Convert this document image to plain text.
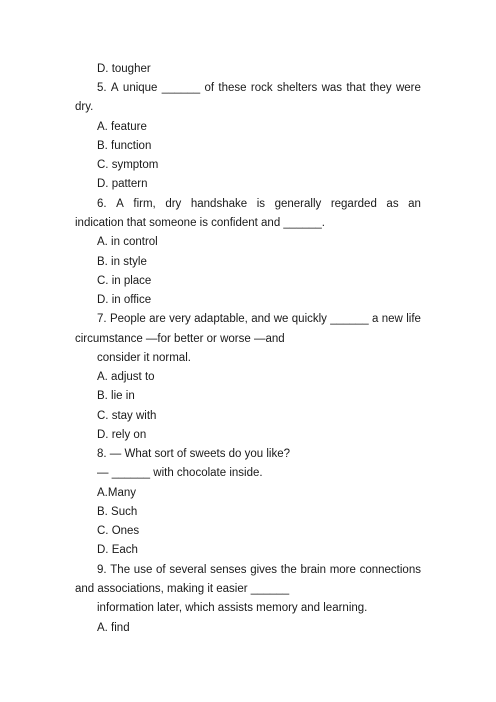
D. tougher
5. A unique ______ of these rock shelters was that they were
dry.
A. feature
B. function
C. symptom
D. pattern
6. A firm, dry handshake is generally regarded as an
indication that someone is confident and ______.
A. in control
B. in style
C. in place
D. in office
7. People are very adaptable, and we quickly ______ a new life
circumstance —for better or worse —and
consider it normal.
A. adjust to
B. lie in
C. stay with
D. rely on
8. — What sort of sweets do you like?
— ______ with chocolate inside.
A.Many
B. Such
C. Ones
D. Each
9. The use of several senses gives the brain more connections
and associations, making it easier ______
information later, which assists memory and learning.
A. find
